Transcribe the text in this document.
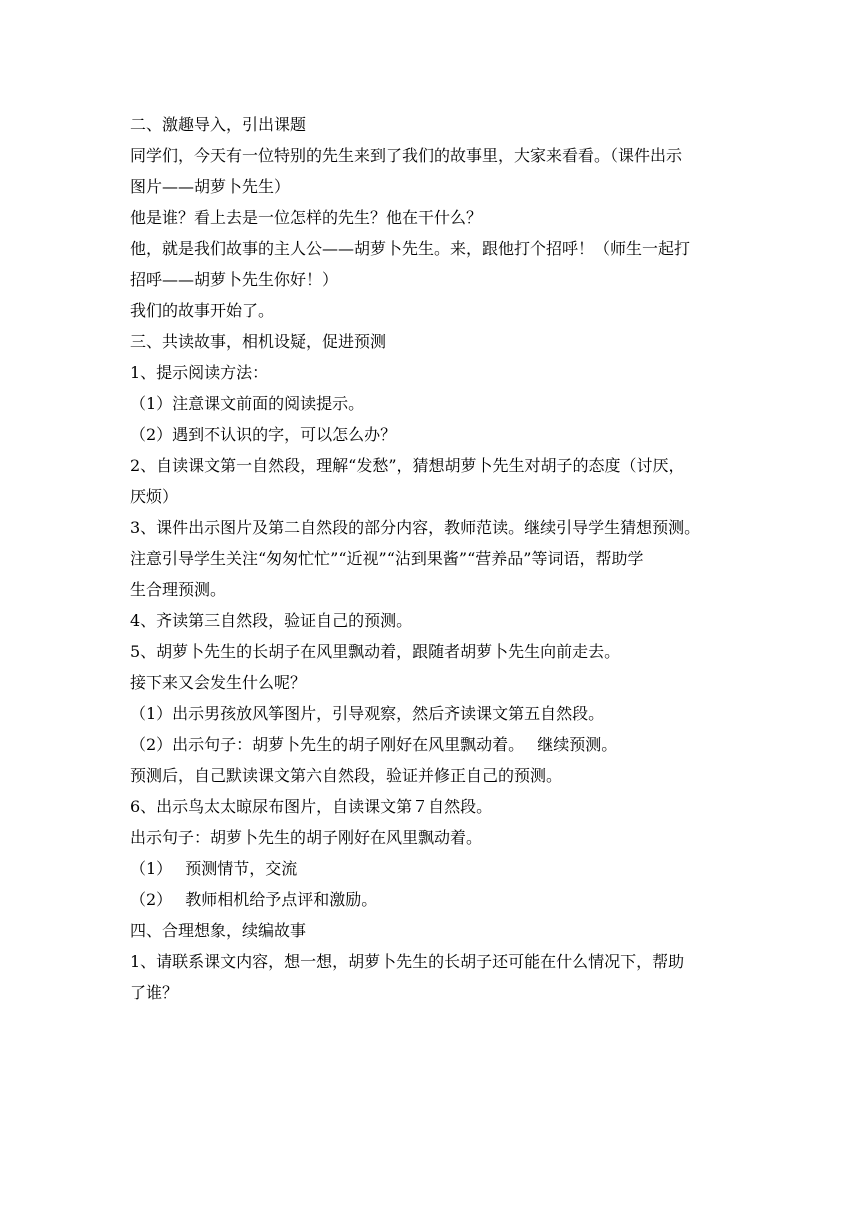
二、激趣导入，引出课题
同学们，今天有一位特别的先生来到了我们的故事里，大家来看看。（课件出示
图片——胡萝卜先生）
他是谁？看上去是一位怎样的先生？他在干什么？
他，就是我们故事的主人公——胡萝卜先生。来，跟他打个招呼！（师生一起打
招呼——胡萝卜先生你好！）
我们的故事开始了。
三、共读故事，相机设疑，促进预测
1、提示阅读方法：
（1）注意课文前面的阅读提示。
（2）遇到不认识的字，可以怎么办？
2、自读课文第一自然段，理解“发愁”，猜想胡萝卜先生对胡子的态度（讨厌，
厌烦）
3、课件出示图片及第二自然段的部分内容，教师范读。继续引导学生猜想预测。
注意引导学生关注“匆匆忙忙”“近视”“沾到果酱”“营养品”等词语，帮助学
生合理预测。
4、齐读第三自然段，验证自己的预测。
5、胡萝卜先生的长胡子在风里飘动着，跟随者胡萝卜先生向前走去。
接下来又会发生什么呢？
（1）出示男孩放风筝图片，引导观察，然后齐读课文第五自然段。
（2）出示句子：胡萝卜先生的胡子刚好在风里飘动着。　 继续预测。
预测后，自己默读课文第六自然段，验证并修正自己的预测。
6、出示鸟太太晾尿布图片，自读课文第７自然段。
出示句子：胡萝卜先生的胡子刚好在风里飘动着。
（1）　 预测情节，交流
（2）　 教师相机给予点评和激励。
四、合理想象，续编故事
1、请联系课文内容，想一想，胡萝卜先生的长胡子还可能在什么情况下，帮助
了谁？
